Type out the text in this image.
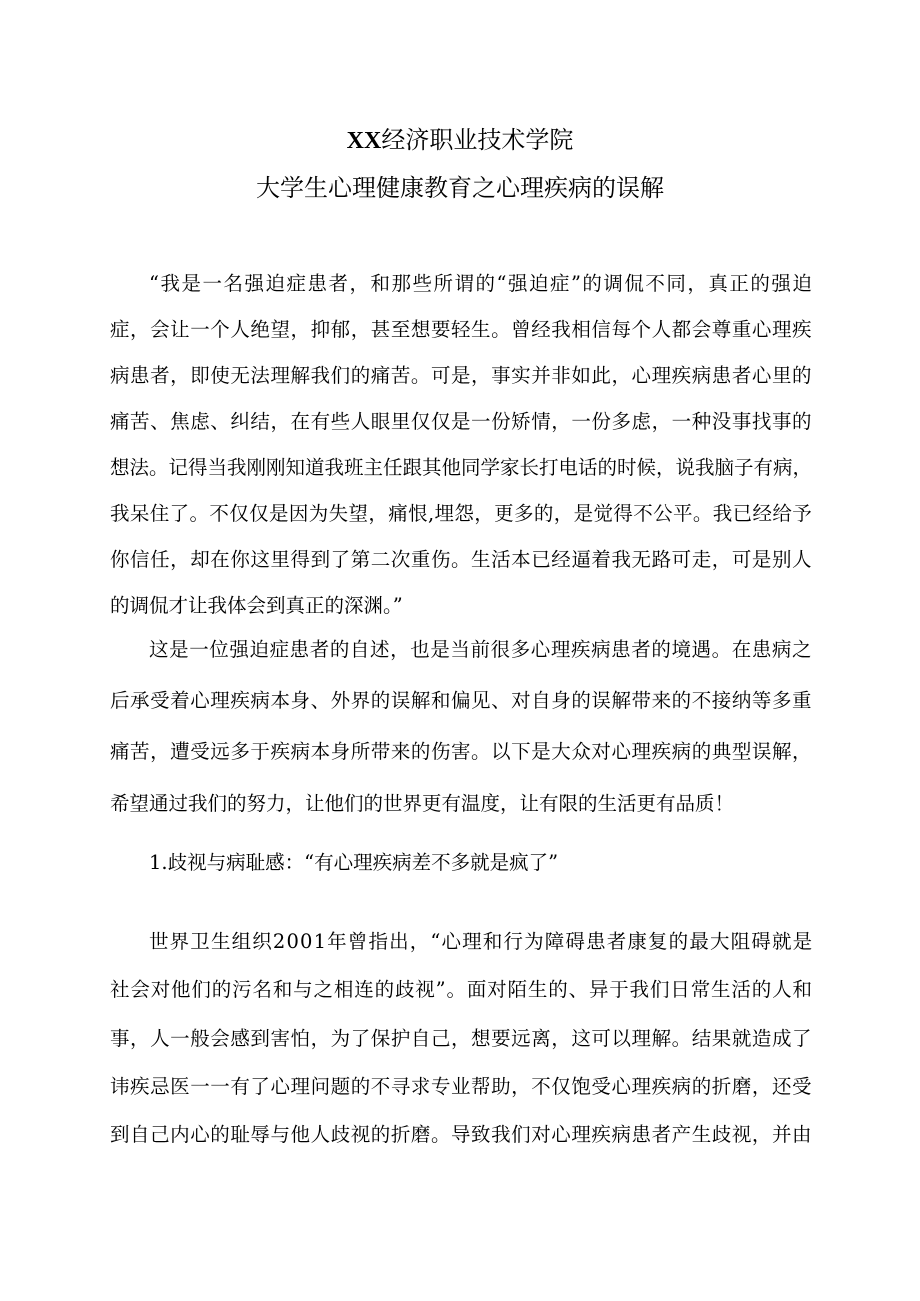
XX经济职业技术学院
大学生心理健康教育之心理疾病的误解
“我是一名强迫症患者，和那些所谓的“强迫症”的调侃不同，真正的强迫
症，会让一个人绝望，抑郁，甚至想要轻生。曾经我相信每个人都会尊重心理疾
病患者，即使无法理解我们的痛苦。可是，事实并非如此，心理疾病患者心里的
痛苦、焦虑、纠结，在有些人眼里仅仅是一份矫情，一份多虑，一种没事找事的
想法。记得当我刚刚知道我班主任跟其他同学家长打电话的时候，说我脑子有病，
我呆住了。不仅仅是因为失望，痛恨,埋怨，更多的，是觉得不公平。我已经给予
你信任，却在你这里得到了第二次重伤。生活本已经逼着我无路可走，可是别人
的调侃才让我体会到真正的深渊。”
这是一位强迫症患者的自述，也是当前很多心理疾病患者的境遇。在患病之
后承受着心理疾病本身、外界的误解和偏见、对自身的误解带来的不接纳等多重
痛苦，遭受远多于疾病本身所带来的伤害。以下是大众对心理疾病的典型误解，
希望通过我们的努力，让他们的世界更有温度，让有限的生活更有品质！
1.歧视与病耻感：“有心理疾病差不多就是疯了”
世界卫生组织2001年曾指出，“心理和行为障碍患者康复的最大阻碍就是
社会对他们的污名和与之相连的歧视”。面对陌生的、异于我们日常生活的人和
事，人一般会感到害怕，为了保护自己，想要远离，这可以理解。结果就造成了
讳疾忌医一一有了心理问题的不寻求专业帮助，不仅饱受心理疾病的折磨，还受
到自己内心的耻辱与他人歧视的折磨。导致我们对心理疾病患者产生歧视，并由
